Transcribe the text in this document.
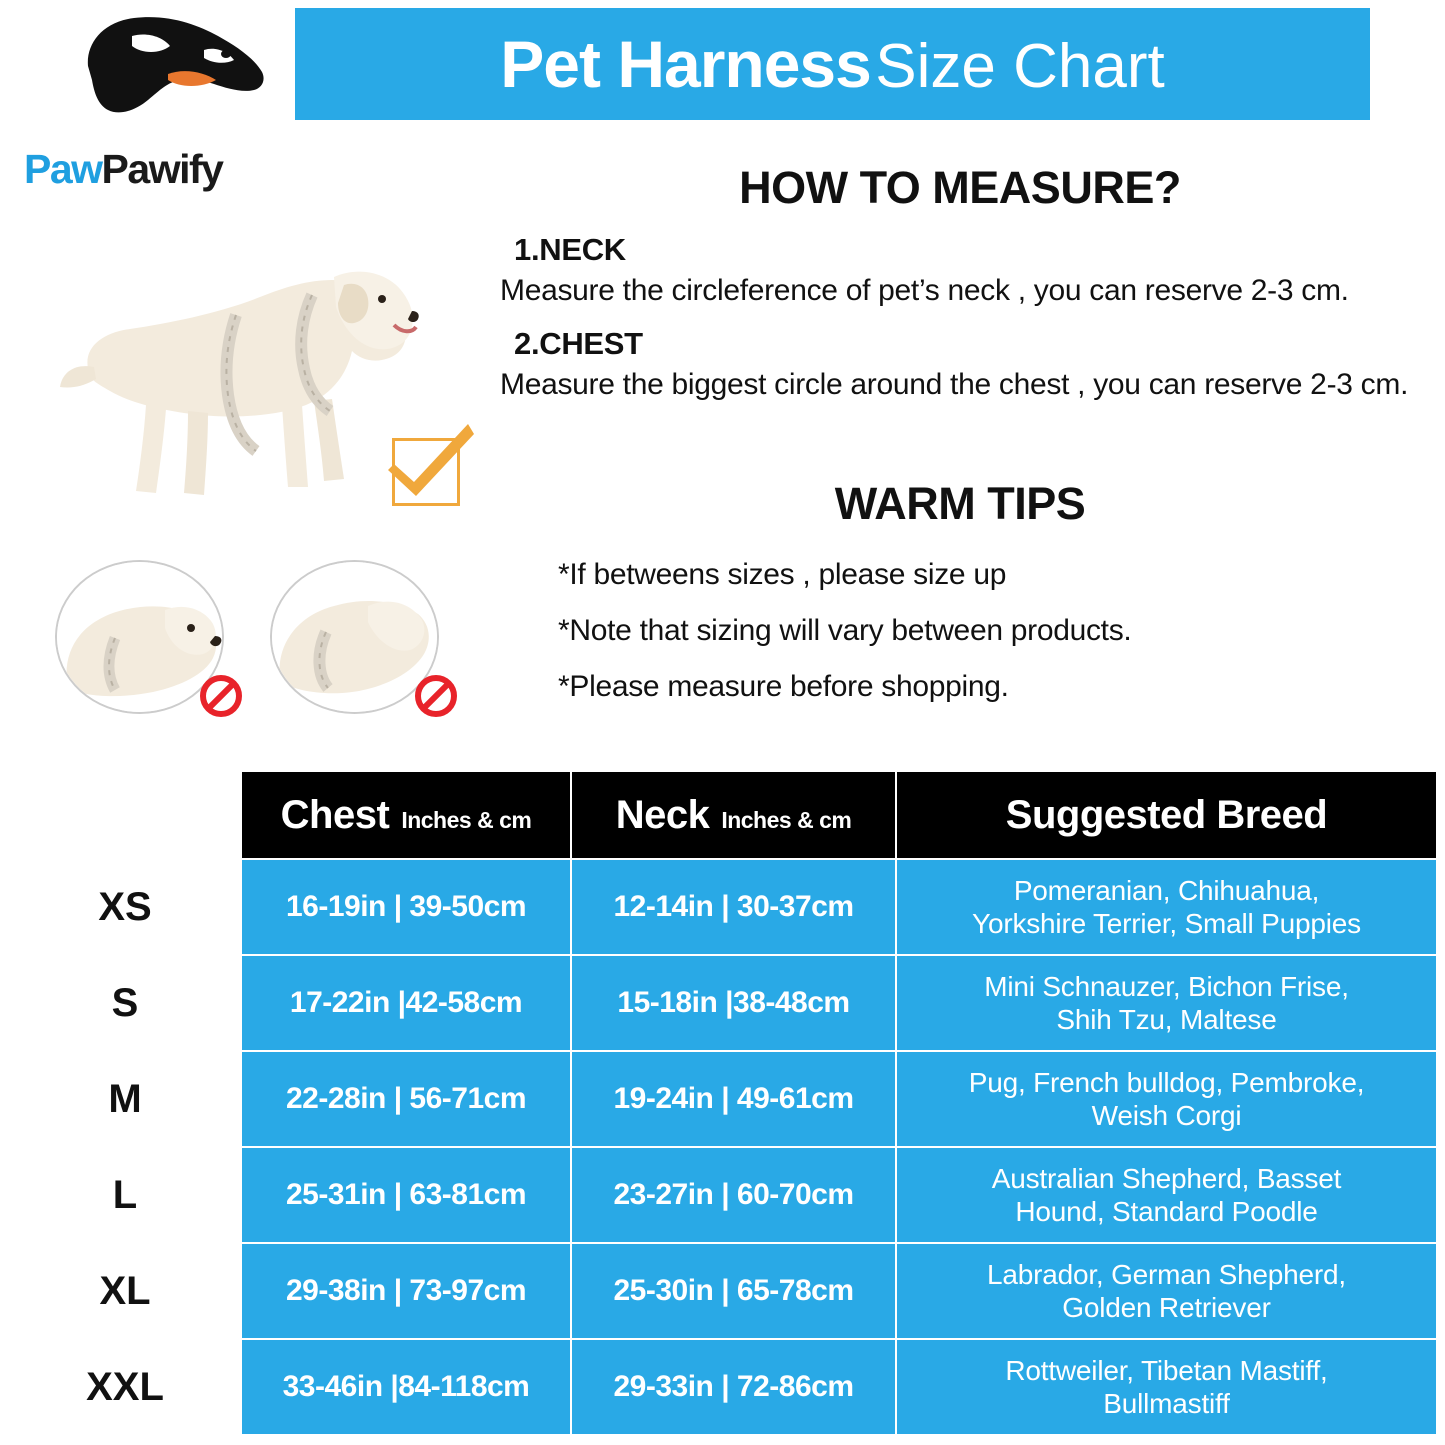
Pet Harness Size Chart
PawPawify	HOW TO MEASURE?

1.NECK

Measure the circleference of pet’s neck , you can reserve 2-3 cm.

2.CHEST

Measure the biggest circle around the chest , you can reserve 2-3 cm.

WARM TIPS

*If betweens sizes , please size up

*Note that sizing will vary between products.

*Please measure before shopping.

	Chest Inches & cm	Neck Inches & cm	Suggested Breed
XS	16-19in | 39-50cm	12-14in | 30-37cm	Pomeranian, Chihuahua,
Yorkshire Terrier, Small Puppies
S	17-22in |42-58cm	15-18in |38-48cm	Mini Schnauzer, Bichon Frise,
Shih Tzu, Maltese
M	22-28in | 56-71cm	19-24in | 49-61cm	Pug, French bulldog, Pembroke,
Weish Corgi
L	25-31in | 63-81cm	23-27in | 60-70cm	Australian Shepherd, Basset
Hound, Standard Poodle
XL	29-38in | 73-97cm	25-30in | 65-78cm	Labrador, German Shepherd,
Golden Retriever
XXL	33-46in |84-118cm	29-33in | 72-86cm	Rottweiler, Tibetan Mastiff,
Bullmastiff
